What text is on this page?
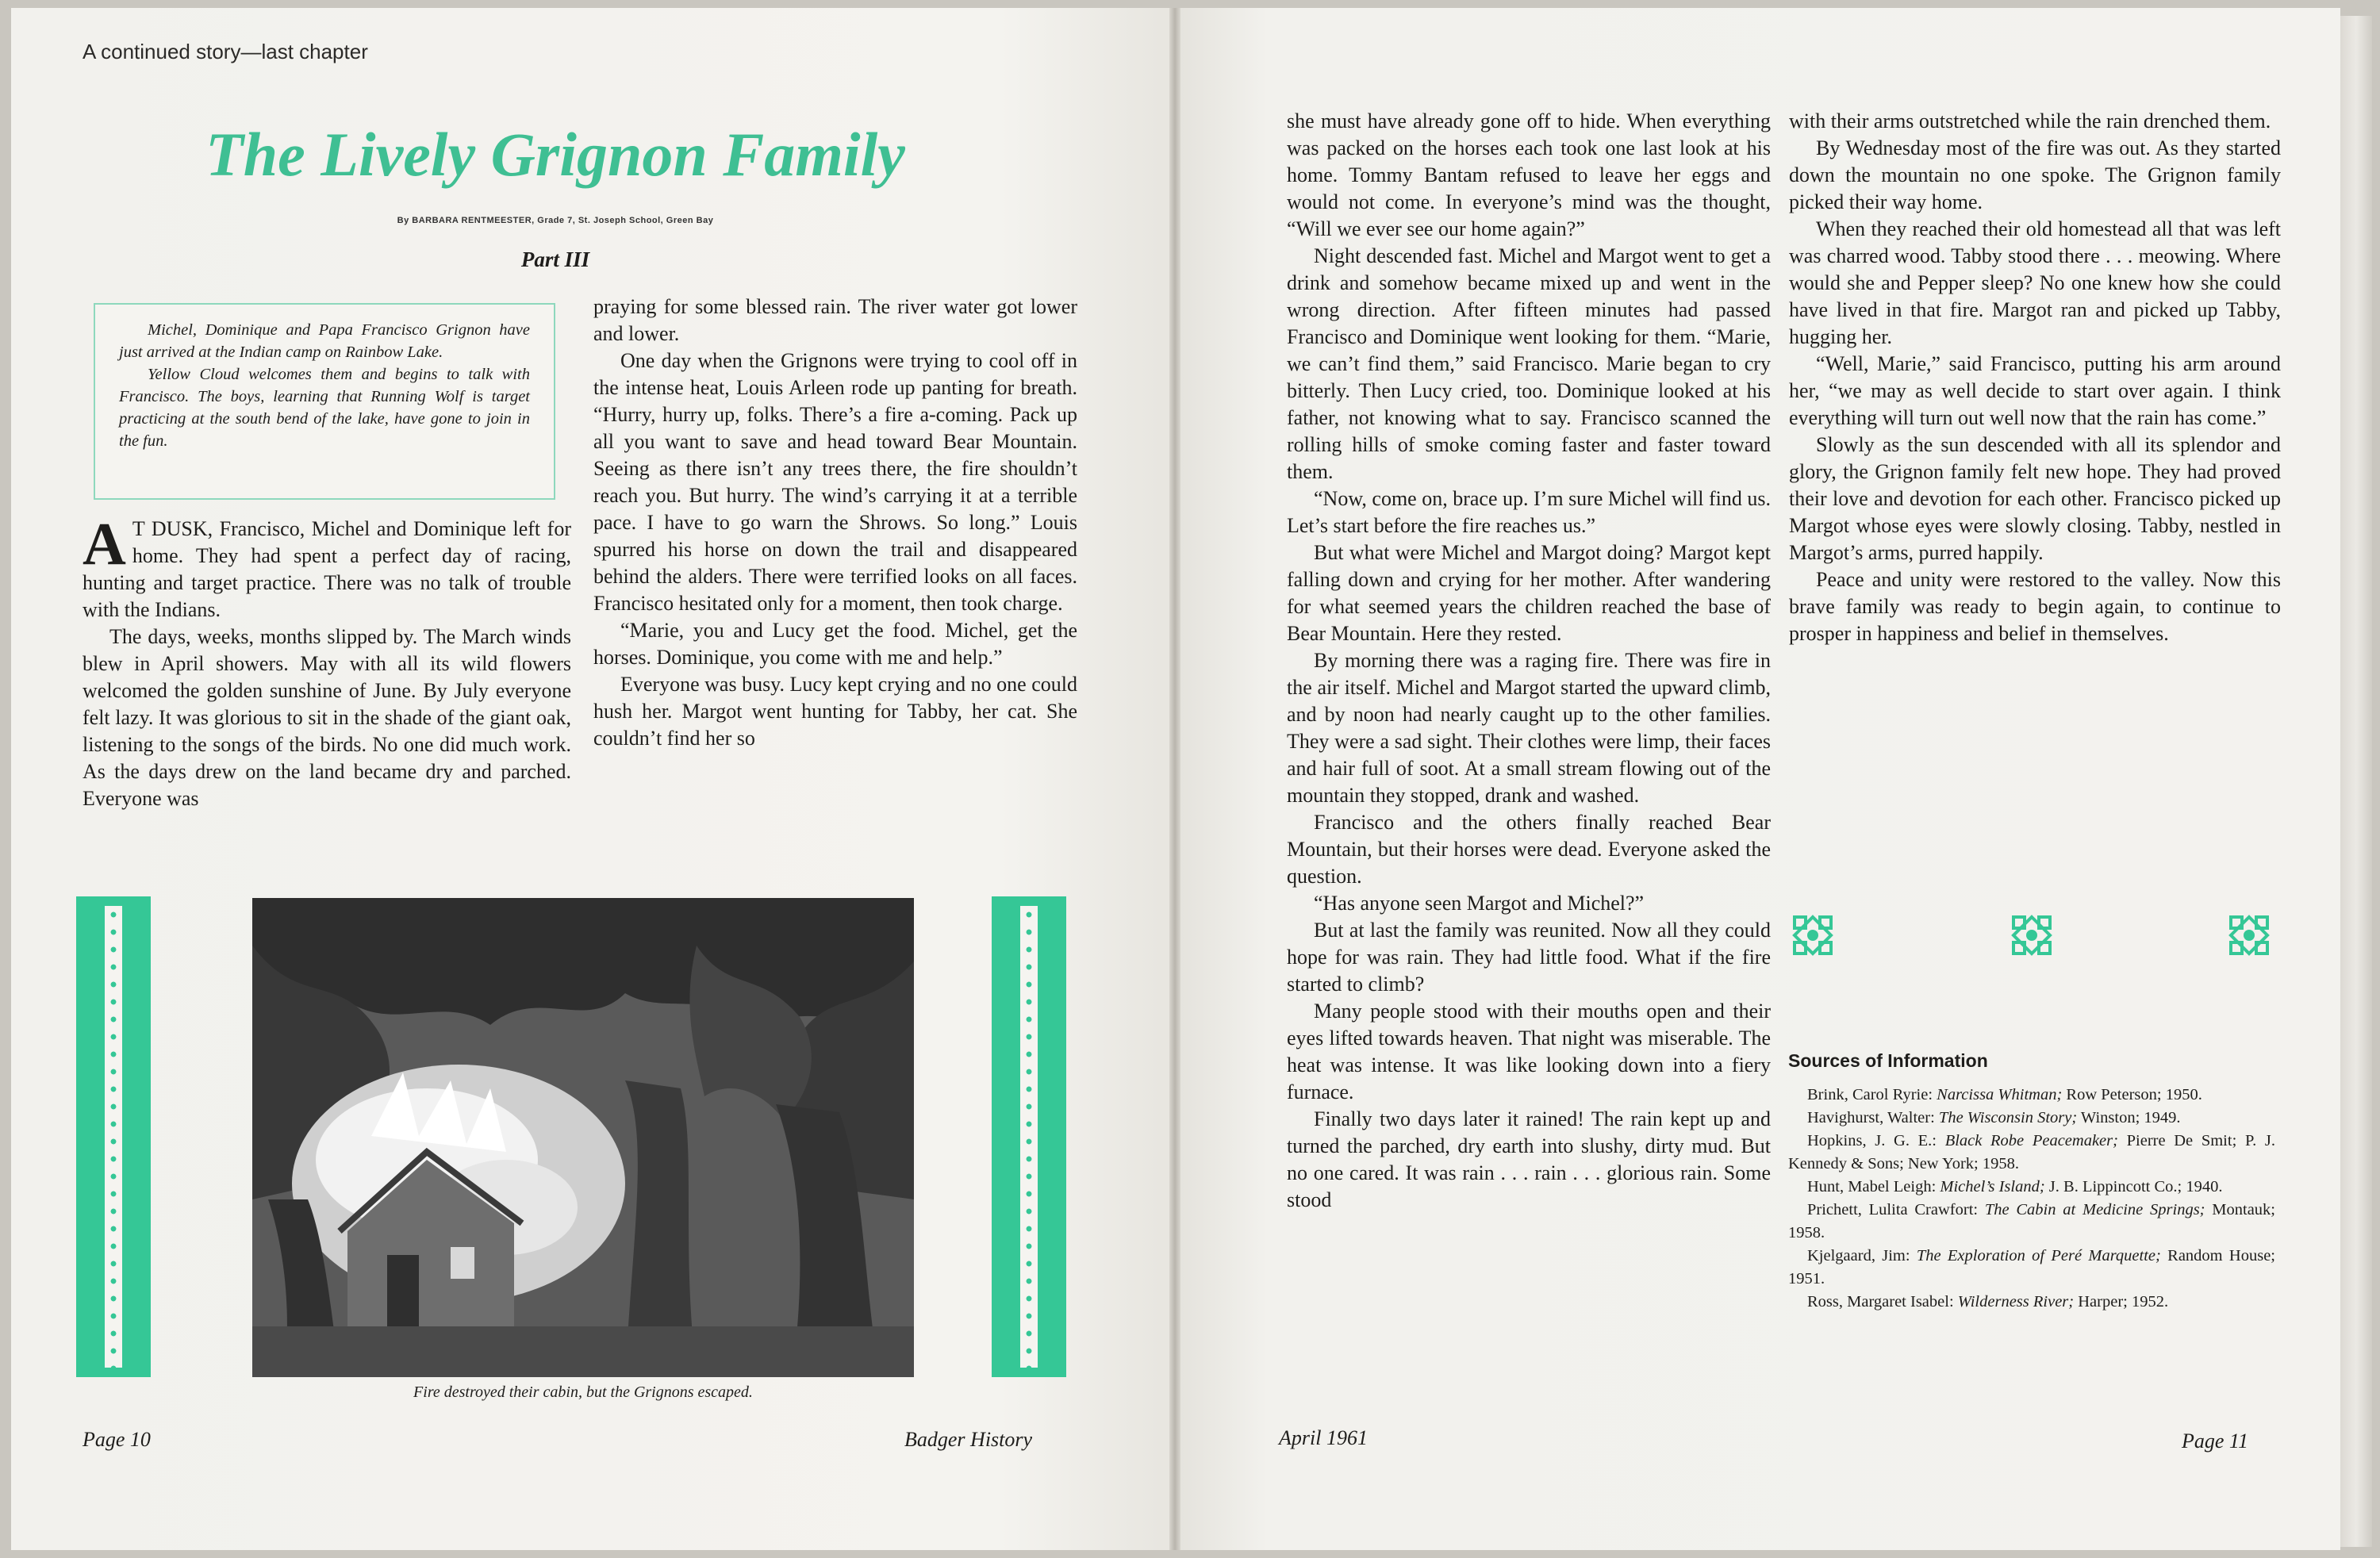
A continued story—last chapter
The Lively Grignon Family
By BARBARA RENTMEESTER, Grade 7, St. Joseph School, Green Bay
Part III

Michel, Dominique and Papa Francisco Grignon have just arrived at the Indian camp on Rainbow Lake.

Yellow Cloud welcomes them and begins to talk with Francisco. The boys, learning that Running Wolf is target practicing at the south bend of the lake, have gone to join in the fun.

A T DUSK, Francisco, Michel and Dominique left for home. They had spent a perfect day of racing, hunting and target practice. There was no talk of trouble with the Indians.

The days, weeks, months slipped by. The March winds blew in April showers. May with all its wild flowers welcomed the golden sunshine of June. By July everyone felt lazy. It was glorious to sit in the shade of the giant oak, listening to the songs of the birds. No one did much work. As the days drew on the land became dry and parched. Everyone was

praying for some blessed rain. The river water got lower and lower.

One day when the Grignons were trying to cool off in the intense heat, Louis Arleen rode up panting for breath. “Hurry, hurry up, folks. There’s a fire a-coming. Pack up all you want to save and head toward Bear Mountain. Seeing as there isn’t any trees there, the fire shouldn’t reach you. But hurry. The wind’s carrying it at a terrible pace. I have to go warn the Shrows. So long.” Louis spurred his horse on down the trail and disappeared behind the alders. There were terrified looks on all faces. Francisco hesitated only for a moment, then took charge.

“Marie, you and Lucy get the food. Michel, get the horses. Dominique, you come with me and help.”

Everyone was busy. Lucy kept crying and no one could hush her. Margot went hunting for Tabby, her cat. She couldn’t find her so

Fire destroyed their cabin, but the Grignons escaped.
Page 10	Badger History

she must have already gone off to hide. When everything was packed on the horses each took one last look at his home. Tommy Bantam refused to leave her eggs and would not come. In everyone’s mind was the thought, “Will we ever see our home again?”

Night descended fast. Michel and Margot went to get a drink and somehow became mixed up and went in the wrong direction. After fifteen minutes had passed Francisco and Dominique went looking for them. “Marie, we can’t find them,” said Francisco. Marie began to cry bitterly. Then Lucy cried, too. Dominique looked at his father, not knowing what to say. Francisco scanned the rolling hills of smoke coming faster and faster toward them.

“Now, come on, brace up. I’m sure Michel will find us. Let’s start before the fire reaches us.”

But what were Michel and Margot doing? Margot kept falling down and crying for her mother. After wandering for what seemed years the children reached the base of Bear Mountain. Here they rested.

By morning there was a raging fire. There was fire in the air itself. Michel and Margot started the upward climb, and by noon had nearly caught up to the other families. They were a sad sight. Their clothes were limp, their faces and hair full of soot. At a small stream flowing out of the mountain they stopped, drank and washed.

Francisco and the others finally reached Bear Mountain, but their horses were dead. Everyone asked the question.

“Has anyone seen Margot and Michel?”

But at last the family was reunited. Now all they could hope for was rain. They had little food. What if the fire started to climb?

Many people stood with their mouths open and their eyes lifted towards heaven. That night was miserable. The heat was intense. It was like looking down into a fiery furnace.

Finally two days later it rained! The rain kept up and turned the parched, dry earth into slushy, dirty mud. But no one cared. It was rain . . . rain . . . glorious rain. Some stood

with their arms outstretched while the rain drenched them.

By Wednesday most of the fire was out. As they started down the mountain no one spoke. The Grignon family picked their way home.

When they reached their old homestead all that was left was charred wood. Tabby stood there . . . meowing. Where would she and Pepper sleep? No one knew how she could have lived in that fire. Margot ran and picked up Tabby, hugging her.

“Well, Marie,” said Francisco, putting his arm around her, “we may as well decide to start over again. I think everything will turn out well now that the rain has come.”

Slowly as the sun descended with all its splendor and glory, the Grignon family felt new hope. They had proved their love and devotion for each other. Francisco picked up Margot whose eyes were slowly closing. Tabby, nestled in Margot’s arms, purred happily.

Peace and unity were restored to the valley. Now this brave family was ready to begin again, to continue to prosper in happiness and belief in themselves.

Sources of Information

Brink, Carol Ryrie: Narcissa Whitman; Row Peterson; 1950.

Havighurst, Walter: The Wisconsin Story; Winston; 1949.

Hopkins, J. G. E.: Black Robe Peacemaker; Pierre De Smit; P. J. Kennedy & Sons; New York; 1958.

Hunt, Mabel Leigh: Michel’s Island; J. B. Lippincott Co.; 1940.

Prichett, Lulita Crawfort: The Cabin at Medicine Springs; Montauk; 1958.

Kjelgaard, Jim: The Exploration of Peré Marquette; Random House; 1951.

Ross, Margaret Isabel: Wilderness River; Harper; 1952.

April 1961	Page 11
